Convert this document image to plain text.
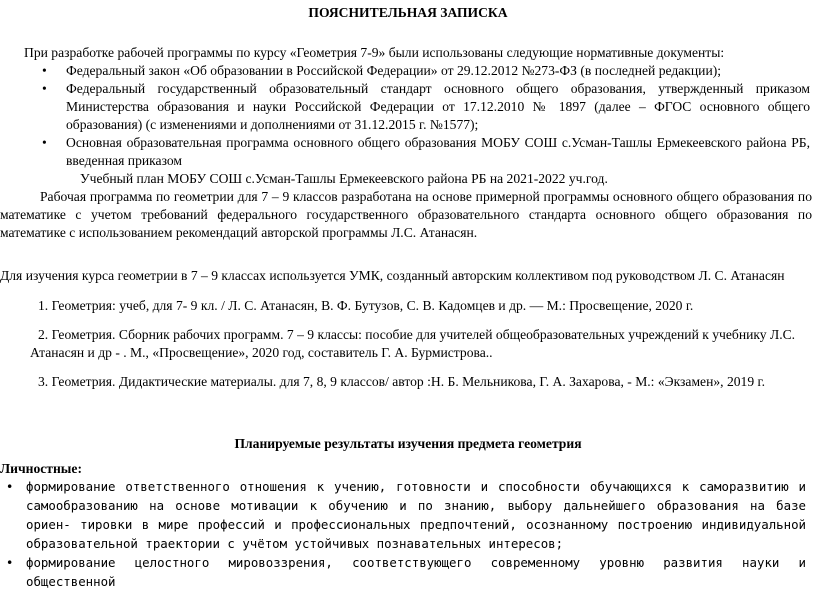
ПОЯСНИТЕЛЬНАЯ ЗАПИСКА
При разработке рабочей программы по курсу «Геометрия 7-9» были использованы следующие нормативные документы:
• Федеральный закон «Об образовании в Российской Федерации» от 29.12.2012 №273-ФЗ (в последней редакции);
• Федеральный государственный образовательный стандарт основного общего образования, утвержденный приказом Министерства образования и науки Российской Федерации от 17.12.2010 № 1897 (далее – ФГОС основного общего образования) (с изменениями и дополнениями от 31.12.2015 г. №1577);
• Основная образовательная программа основного общего образования МОБУ СОШ с.Усман-Ташлы Ермекеевского района РБ, введенная приказом
Учебный план МОБУ СОШ с.Усман-Ташлы Ермекеевского района РБ на 2021-2022 уч.год.
Рабочая программа по геометрии для 7 – 9 классов разработана на основе примерной программы основного общего образования по математике с учетом требований федерального государственного образовательного стандарта основного общего образования по математике с использованием рекомендаций авторской программы Л.С. Атанасян.
Для изучения курса геометрии в 7 – 9 классах используется УМК, созданный авторским коллективом под руководством Л. С. Атанасян
1. Геометрия: учеб, для 7- 9 кл. / Л. С. Атанасян, В. Ф. Бутузов, С. В. Кадомцев и др. — М.: Просвещение, 2020 г.
2. Геометрия. Сборник рабочих программ. 7 – 9 классы: пособие для учителей общеобразовательных учреждений к учебнику Л.С.
Атанасян и др - . М., «Просвещение», 2020 год, составитель Г. А. Бурмистрова..
3. Геометрия. Дидактические материалы. для 7, 8, 9 классов/ автор :Н. Б. Мельникова, Г. А. Захарова, - М.: «Экзамен», 2019 г.
Планируемые результаты изучения предмета геометрия
Личностные:
• формирование ответственного отношения к учению, готовности и способности обучающихся к саморазвитию и самообразованию на основе мотивации к обучению и по знанию, выбору дальнейшего образования на базе ориен- тировки в мире профессий и профессиональных предпочтений, осознанному построению индивидуальной образовательной траектории с учётом устойчивых познавательных интересов;
• формирование целостного мировоззрения, соответствующего современному уровню развития науки и общественной
